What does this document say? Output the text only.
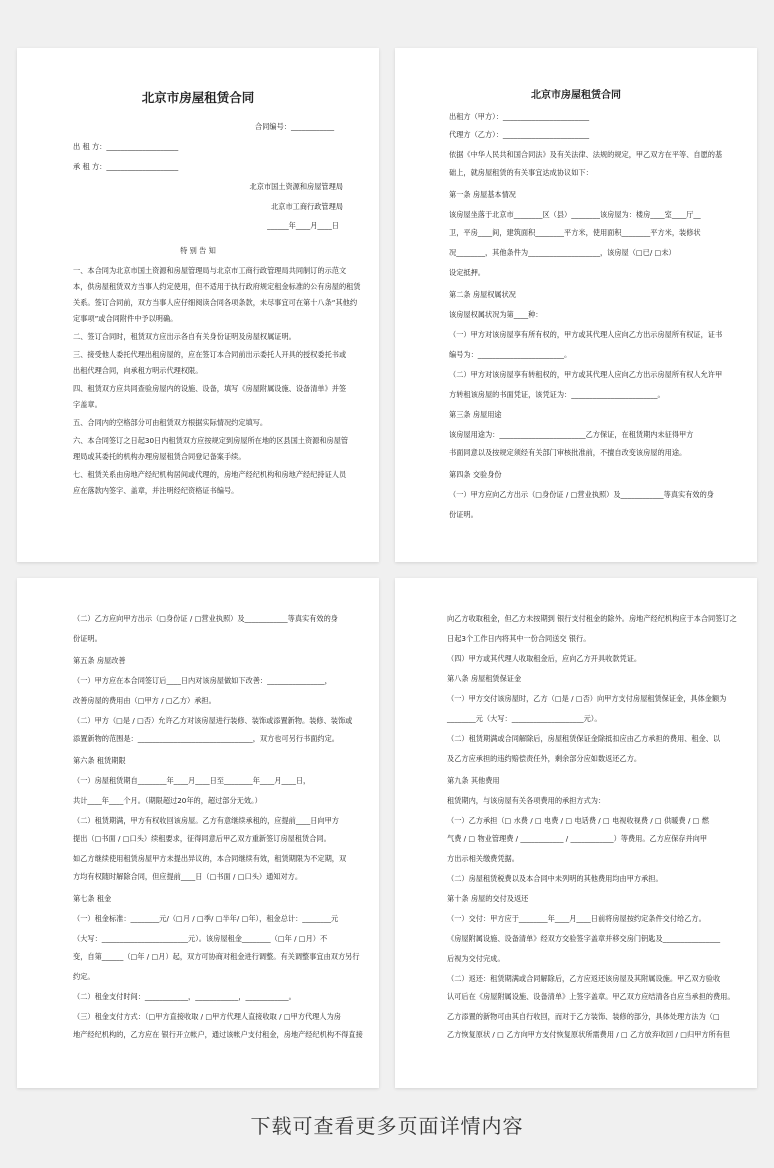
北京市房屋租赁合同
合同编号：____________
出 租 方：____________________
承 租 方：____________________
北京市国土资源和房屋管理局
北京市工商行政管理局
______年____月____日
特 别 告 知
一、本合同为北京市国土资源和房屋管理局与北京市工商行政管理局共同制订的示范文
本，供房屋租赁双方当事人约定使用，但不适用于执行政府规定租金标准的公有房屋的租赁
关系。签订合同前，双方当事人应仔细阅读合同各项条款，未尽事宜可在第十八条“其他约
定事项”或合同附件中予以明确。
二、签订合同时，租赁双方应出示各自有关身份证明及房屋权属证明。
三、接受他人委托代理出租房屋的，应在签订本合同前出示委托人开具的授权委托书或
出租代理合同，向承租方明示代理权限。
四、租赁双方应共同查验房屋内的设施、设备，填写《房屋附属设施、设备清单》并签
字盖章。
五、合同内的空格部分可由租赁双方根据实际情况约定填写。
六、本合同签订之日起30日内租赁双方应按规定到房屋所在地的区县国土资源和房屋管
理局或其委托的机构办理房屋租赁合同登记备案手续。
七、租赁关系由房地产经纪机构居间或代理的，房地产经纪机构和房地产经纪持证人员
应在落款内签字、盖章，并注明经纪资格证书编号。
北京市房屋租赁合同
出租方（甲方）：________________________
代理方（乙方）：________________________
依据《中华人民共和国合同法》及有关法律、法规的规定，甲乙双方在平等、自愿的基
础上，就房屋租赁的有关事宜达成协议如下：
第一条 房屋基本情况
该房屋坐落于北京市________区（县）________该房屋为：楼房____室____厅__
卫，平房____间，建筑面积________平方米，使用面积________平方米，装修状
况________，其他条件为____________________，该房屋（□已/ □未）
设定抵押。
第二条 房屋权属状况
该房屋权属状况为第____种：
（一）甲方对该房屋享有所有权的，甲方或其代理人应向乙方出示房屋所有权证，证书
编号为：________________________。
（二）甲方对该房屋享有转租权的，甲方或其代理人应向乙方出示房屋所有权人允许甲
方转租该房屋的书面凭证，该凭证为：________________________。
第三条 房屋用途
该房屋用途为：________________________乙方保证，在租赁期内未征得甲方
书面同意以及按规定须经有关部门审核批准前，不擅自改变该房屋的用途。
第四条 交验身份
（一）甲方应向乙方出示（□身份证 / □营业执照）及____________等真实有效的身
份证明。
（二）乙方应向甲方出示（□身份证 / □营业执照）及____________等真实有效的身
份证明。
第五条 房屋改善
（一）甲方应在本合同签订后____日内对该房屋做如下改善：________________，
改善房屋的费用由（□甲方 / □乙方）承担。
（二）甲方（□是 / □否）允许乙方对该房屋进行装修、装饰或添置新物。装修、装饰或
添置新物的范围是：________________________________，双方也可另行书面约定。
第六条 租赁期限
（一）房屋租赁期自________年____月____日至________年____月____日，
共计____年____个月。（期限超过20年的，超过部分无效。）
（二）租赁期满，甲方有权收回该房屋。乙方有意继续承租的，应提前____日向甲方
提出（□书面 / □口头）续租要求，征得同意后甲乙双方重新签订房屋租赁合同。
如乙方继续使用租赁房屋甲方未提出异议的，本合同继续有效，租赁期限为不定期，双
方均有权随时解除合同，但应提前____日（□书面 / □口头）通知对方。
第七条 租金
（一）租金标准：________元/（□月 / □季/ □半年/ □年），租金总计：________元
（大写：________________________元）。该房屋租金________（□年 / □月）不
变，自第______（□年 / □月）起，双方可协商对租金进行调整。有关调整事宜由双方另行
约定。
（二）租金支付时间：____________，____________，____________。
（三）租金支付方式：（□甲方直接收取 / □甲方代理人直接收取 / □甲方代理人为房
地产经纪机构的，乙方应在 银行开立帐户，通过该帐户支付租金，房地产经纪机构不得直接
向乙方收取租金，但乙方未按期到 银行支付租金的除外。房地产经纪机构应于本合同签订之
日起3个工作日内将其中一份合同送交 银行。
（四）甲方或其代理人收取租金后，应向乙方开具收款凭证。
第八条 房屋租赁保证金
（一）甲方交付该房屋时，乙方（□是 / □否）向甲方支付房屋租赁保证金，具体金额为
________元（大写：____________________元）。
（二）租赁期满或合同解除后，房屋租赁保证金除抵扣应由乙方承担的费用、租金、以
及乙方应承担的违约赔偿责任外，剩余部分应如数返还乙方。
第九条 其他费用
租赁期内，与该房屋有关各项费用的承担方式为：
（一）乙方承担（□ 水费 / □ 电费 / □ 电话费 / □ 电视收视费 / □ 供暖费 / □ 燃
气费 / □ 物业管理费 / ____________ / ____________）等费用。乙方应保存并向甲
方出示相关缴费凭据。
（二）房屋租赁税费以及本合同中未列明的其他费用均由甲方承担。
第十条 房屋的交付及返还
（一）交付：甲方应于________年____月____日前将房屋按约定条件交付给乙方。
《房屋附属设施、设备清单》经双方交验签字盖章并移交房门钥匙及________________
后视为交付完成。
（二）返还：租赁期满或合同解除后，乙方应返还该房屋及其附属设施。甲乙双方验收
认可后在《房屋附属设施、设备清单》上签字盖章。甲乙双方应结清各自应当承担的费用。
乙方添置的新物可由其自行收回，而对于乙方装饰、装修的部分，具体处理方法为（□
乙方恢复原状 / □ 乙方向甲方支付恢复原状所需费用 / □ 乙方放弃收回 / □归甲方所有但
下载可查看更多页面详情内容
